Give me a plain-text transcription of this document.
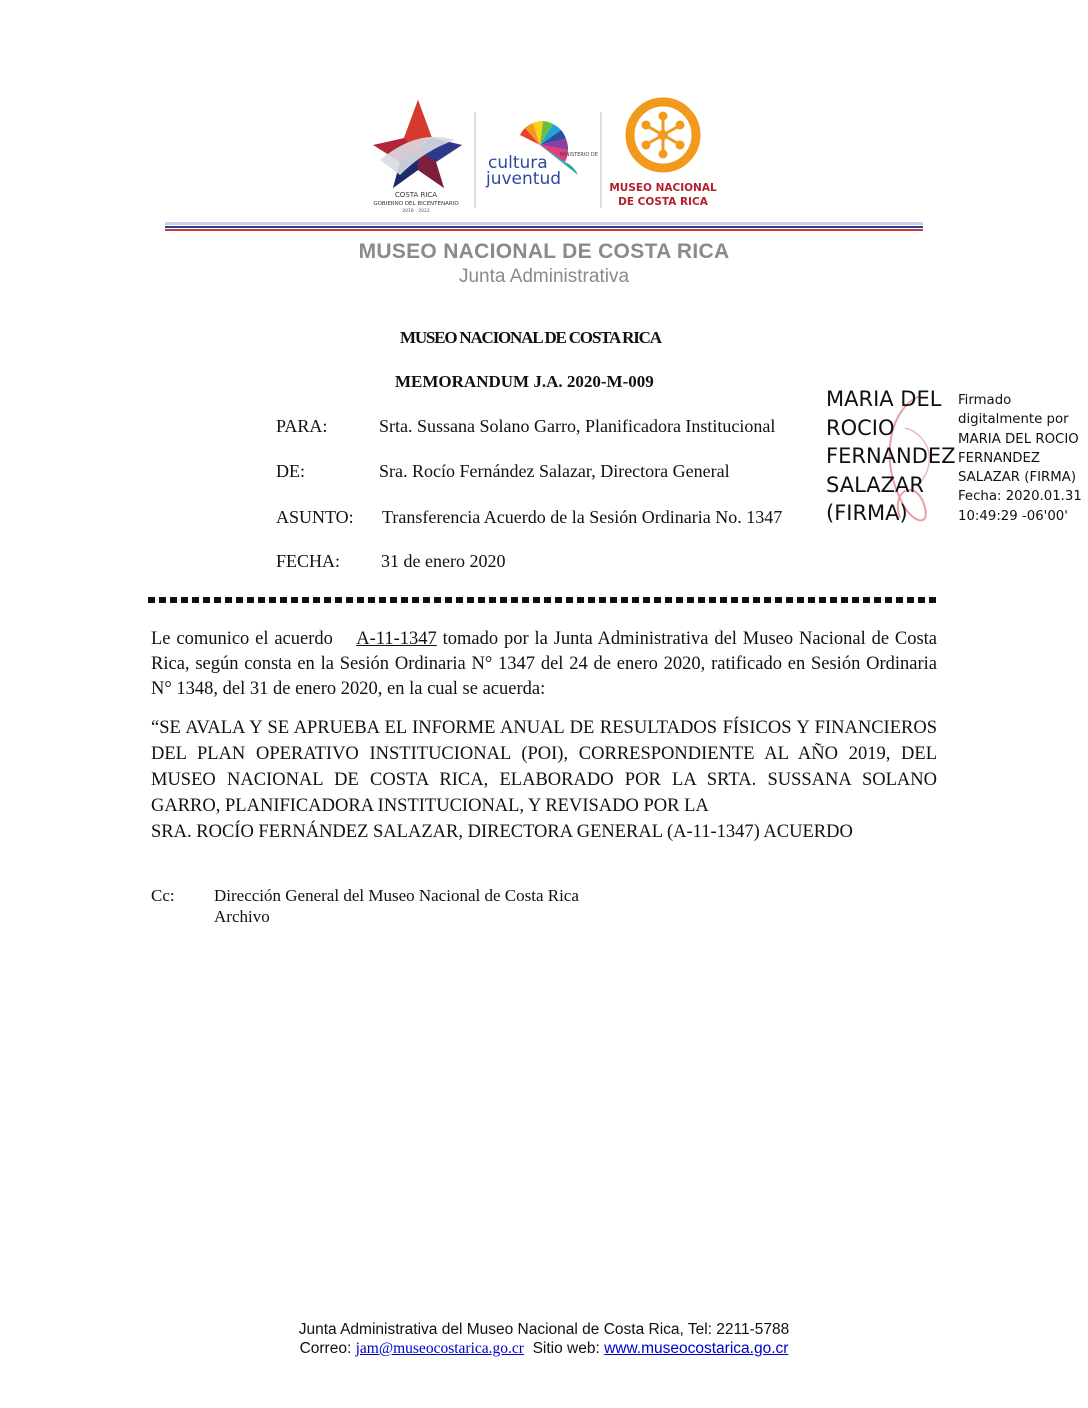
COSTA RICA
GOBIERNO DEL BICENTENARIO
2018 - 2022
MINISTERIO DE
cultura
juventud	MUSEO NACIONAL
DE COSTA RICA
MUSEO NACIONAL DE COSTA RICA
Junta Administrativa
MUSEO NACIONAL DE COSTA RICA
MEMORANDUM J.A. 2020-M-009
PARA:	Srta. Sussana Solano Garro, Planificadora Institucional
DE:	Sra. Rocío Fernández Salazar, Directora General
ASUNTO: Transferencia Acuerdo de la Sesión Ordinaria No. 1347
FECHA: 31 de enero 2020
MARIA DEL
ROCIO
FERNANDEZ
SALAZAR
(FIRMA)
Firmado
digitalmente por
MARIA DEL ROCIO
FERNANDEZ
SALAZAR (FIRMA)
Fecha: 2020.01.31
10:49:29 -06'00'
Le comunico el acuerdo A-11-1347 tomado por la Junta Administrativa del Museo Nacional de Costa Rica, según consta en la Sesión Ordinaria N° 1347 del 24 de enero 2020, ratificado en Sesión Ordinaria N° 1348, del 31 de enero 2020, en la cual se acuerda:
“SE AVALA Y SE APRUEBA EL INFORME ANUAL DE RESULTADOS FÍSICOS Y FINANCIEROS DEL PLAN OPERATIVO INSTITUCIONAL (POI), CORRESPONDIENTE AL AÑO 2019, DEL MUSEO NACIONAL DE COSTA RICA, ELABORADO POR LA SRTA. SUSSANA SOLANO GARRO, PLANIFICADORA INSTITUCIONAL, Y REVISADO POR LA
SRA. ROCÍO FERNÁNDEZ SALAZAR, DIRECTORA GENERAL (A-11-1347) ACUERDO
Cc: Dirección General del Museo Nacional de Costa Rica
Archivo
Junta Administrativa del Museo Nacional de Costa Rica, Tel: 2211-5788
Correo: jam@museocostarica.go.cr Sitio web: www.museocostarica.go.cr
